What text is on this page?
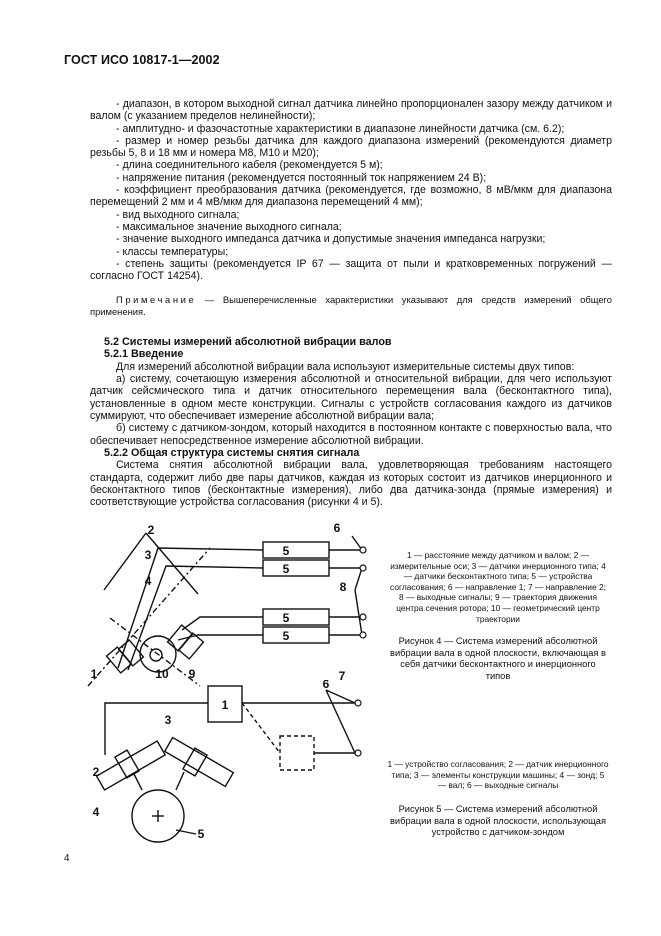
ГОСТ ИСО 10817-1—2002

- диапазон, в котором выходной сигнал датчика линейно пропорционален зазору между датчиком и валом (с указанием пределов нелинейности);

- амплитудно- и фазочастотные характеристики в диапазоне линейности датчика (см. 6.2);

- размер и номер резьбы датчика для каждого диапазона измерений (рекомендуются диаметр резьбы 5, 8 и 18 мм и номера М8, М10 и М20);

- длина соединительного кабеля (рекомендуется 5 м);

- напряжение питания (рекомендуется постоянный ток напряжением 24 В);

- коэффициент преобразования датчика (рекомендуется, где возможно, 8 мВ/мкм для диапазона перемещений 2 мм и 4 мВ/мкм для диапазона перемещений 4 мм);

- вид выходного сигнала;

- максимальное значение выходного сигнала;

- значение выходного импеданса датчика и допустимые значения импеданса нагрузки;

- классы температуры;

- степень защиты (рекомендуется IP 67 — защита от пыли и кратковременных погружений — согласно ГОСТ 14254).

Примечание — Вышеперечисленные характеристики указывают для средств измерений общего применения.
5.2 Системы измерений абсолютной вибрации валов
5.2.1 Введение

Для измерений абсолютной вибрации вала используют измерительные системы двух типов:

а) систему, сочетающую измерения абсолютной и относительной вибрации, для чего используют датчик сейсмического типа и датчик относительного перемещения вала (бесконтактного типа), установленные в одном месте конструкции. Сигналы с устройств согласования каждого из датчиков суммируют, что обеспечивает измерение абсолютной вибрации вала;

б) систему с датчиком-зондом, который находится в постоянном контакте с поверхностью вала, что обеспечивает непосредственное измерение абсолютной вибрации.

5.2.2 Общая структура системы снятия сигнала

Система снятия абсолютной вибрации вала, удовлетворяющая требованиям настоящего стандарта, содержит либо две пары датчиков, каждая из которых состоит из датчиков инерционного и бесконтактного типов (бесконтактные измерения), либо два датчика-зонда (прямые измерения) и соответствующие устройства согласования (рисунки 4 и 5).

5
5
5
5
2
3
4
6
8
1	10 9	7
1
6
3
2
4
5
1 — расстояние между датчиком и валом; 2 — измерительные оси; 3 — датчики инерционного типа; 4 — датчики бесконтактного типа; 5 — устройства согласования; 6 — направление 1; 7 — направление 2; 8 — выходные сигналы; 9 — траектория движения центра сечения ротора; 10 — геометрический центр траектории
Рисунок 4 — Система измерений абсолютной вибрации вала в одной плоскости, включающая в себя датчики бесконтактного и инерционного типов
1 — устройство согласования; 2 — датчик инерционного типа; 3 — элементы конструкции машины; 4 — зонд; 5 — вал; 6 — выходные сигналы
Рисунок 5 — Система измерений абсолютной вибрации вала в одной плоскости, использующая устройство с датчиком-зондом
4
